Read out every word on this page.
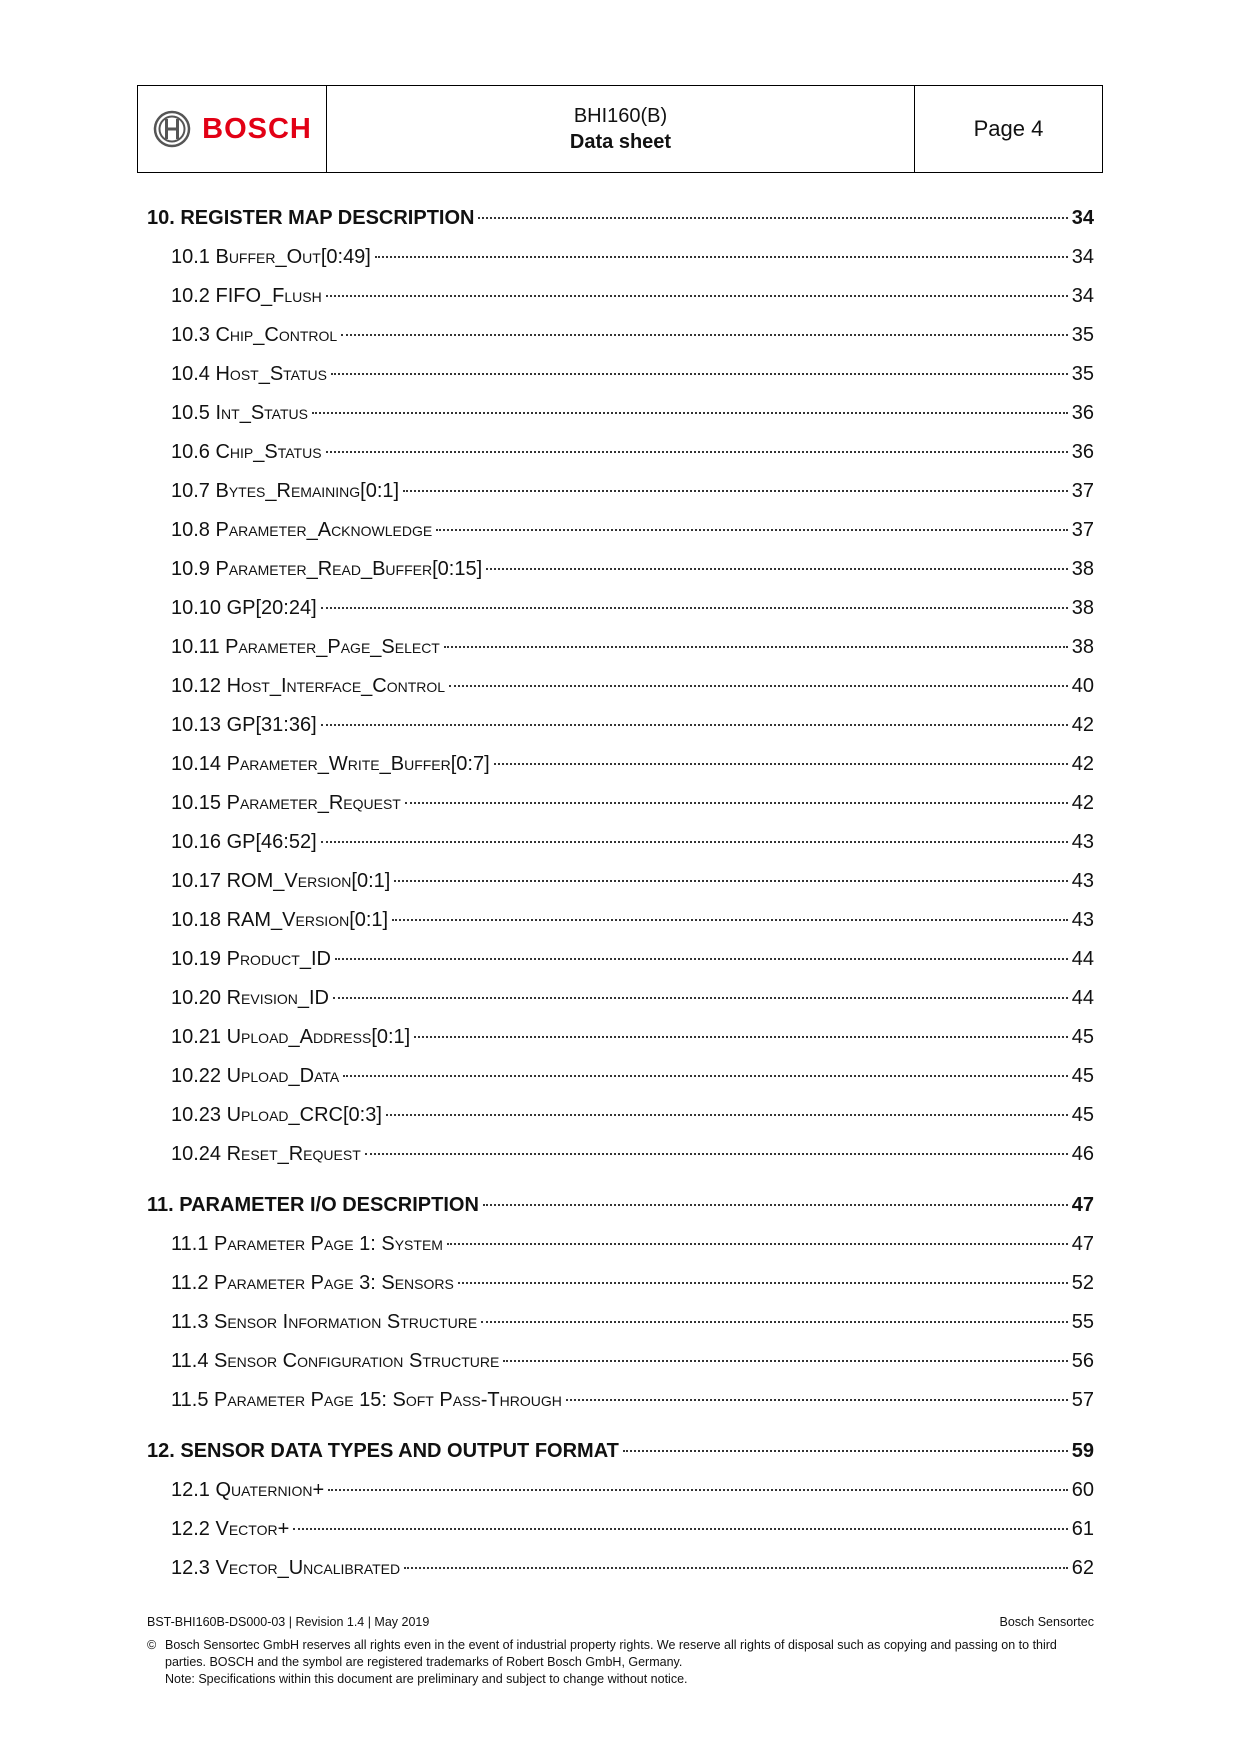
BOSCH	BHI160(B)
Data sheet
Page 4
10. REGISTER MAP DESCRIPTION	34
10.1 Buffer_Out[0:49]	34
10.2 FIFO_Flush	34
10.3 Chip_Control	35
10.4 Host_Status	35
10.5 Int_Status	36
10.6 Chip_Status	36
10.7 Bytes_Remaining[0:1]	37
10.8 Parameter_Acknowledge	37
10.9 Parameter_Read_Buffer[0:15]	38
10.10 GP[20:24]	38
10.11 Parameter_Page_Select	38
10.12 Host_Interface_Control	40
10.13 GP[31:36]	42
10.14 Parameter_Write_Buffer[0:7]	42
10.15 Parameter_Request	42
10.16 GP[46:52]	43
10.17 ROM_Version[0:1]	43
10.18 RAM_Version[0:1]	43
10.19 Product_ID	44
10.20 Revision_ID	44
10.21 Upload_Address[0:1]	45
10.22 Upload_Data	45
10.23 Upload_CRC[0:3]	45
10.24 Reset_Request	46
11. PARAMETER I/O DESCRIPTION	47
11.1 Parameter Page 1: System	47
11.2 Parameter Page 3: Sensors	52
11.3 Sensor Information Structure	55
11.4 Sensor Configuration Structure	56
11.5 Parameter Page 15: Soft Pass-Through	57
12. SENSOR DATA TYPES AND OUTPUT FORMAT	59
12.1 Quaternion+	60
12.2 Vector+	61
12.3 Vector_Uncalibrated	62
BST-BHI160B-DS000-03 | Revision 1.4 | May 2019	Bosch Sensortec
© Bosch Sensortec GmbH reserves all rights even in the event of industrial property rights. We reserve all rights of disposal such as copying and passing on to third parties. BOSCH and the symbol are registered trademarks of Robert Bosch GmbH, Germany.
Note: Specifications within this document are preliminary and subject to change without notice.
